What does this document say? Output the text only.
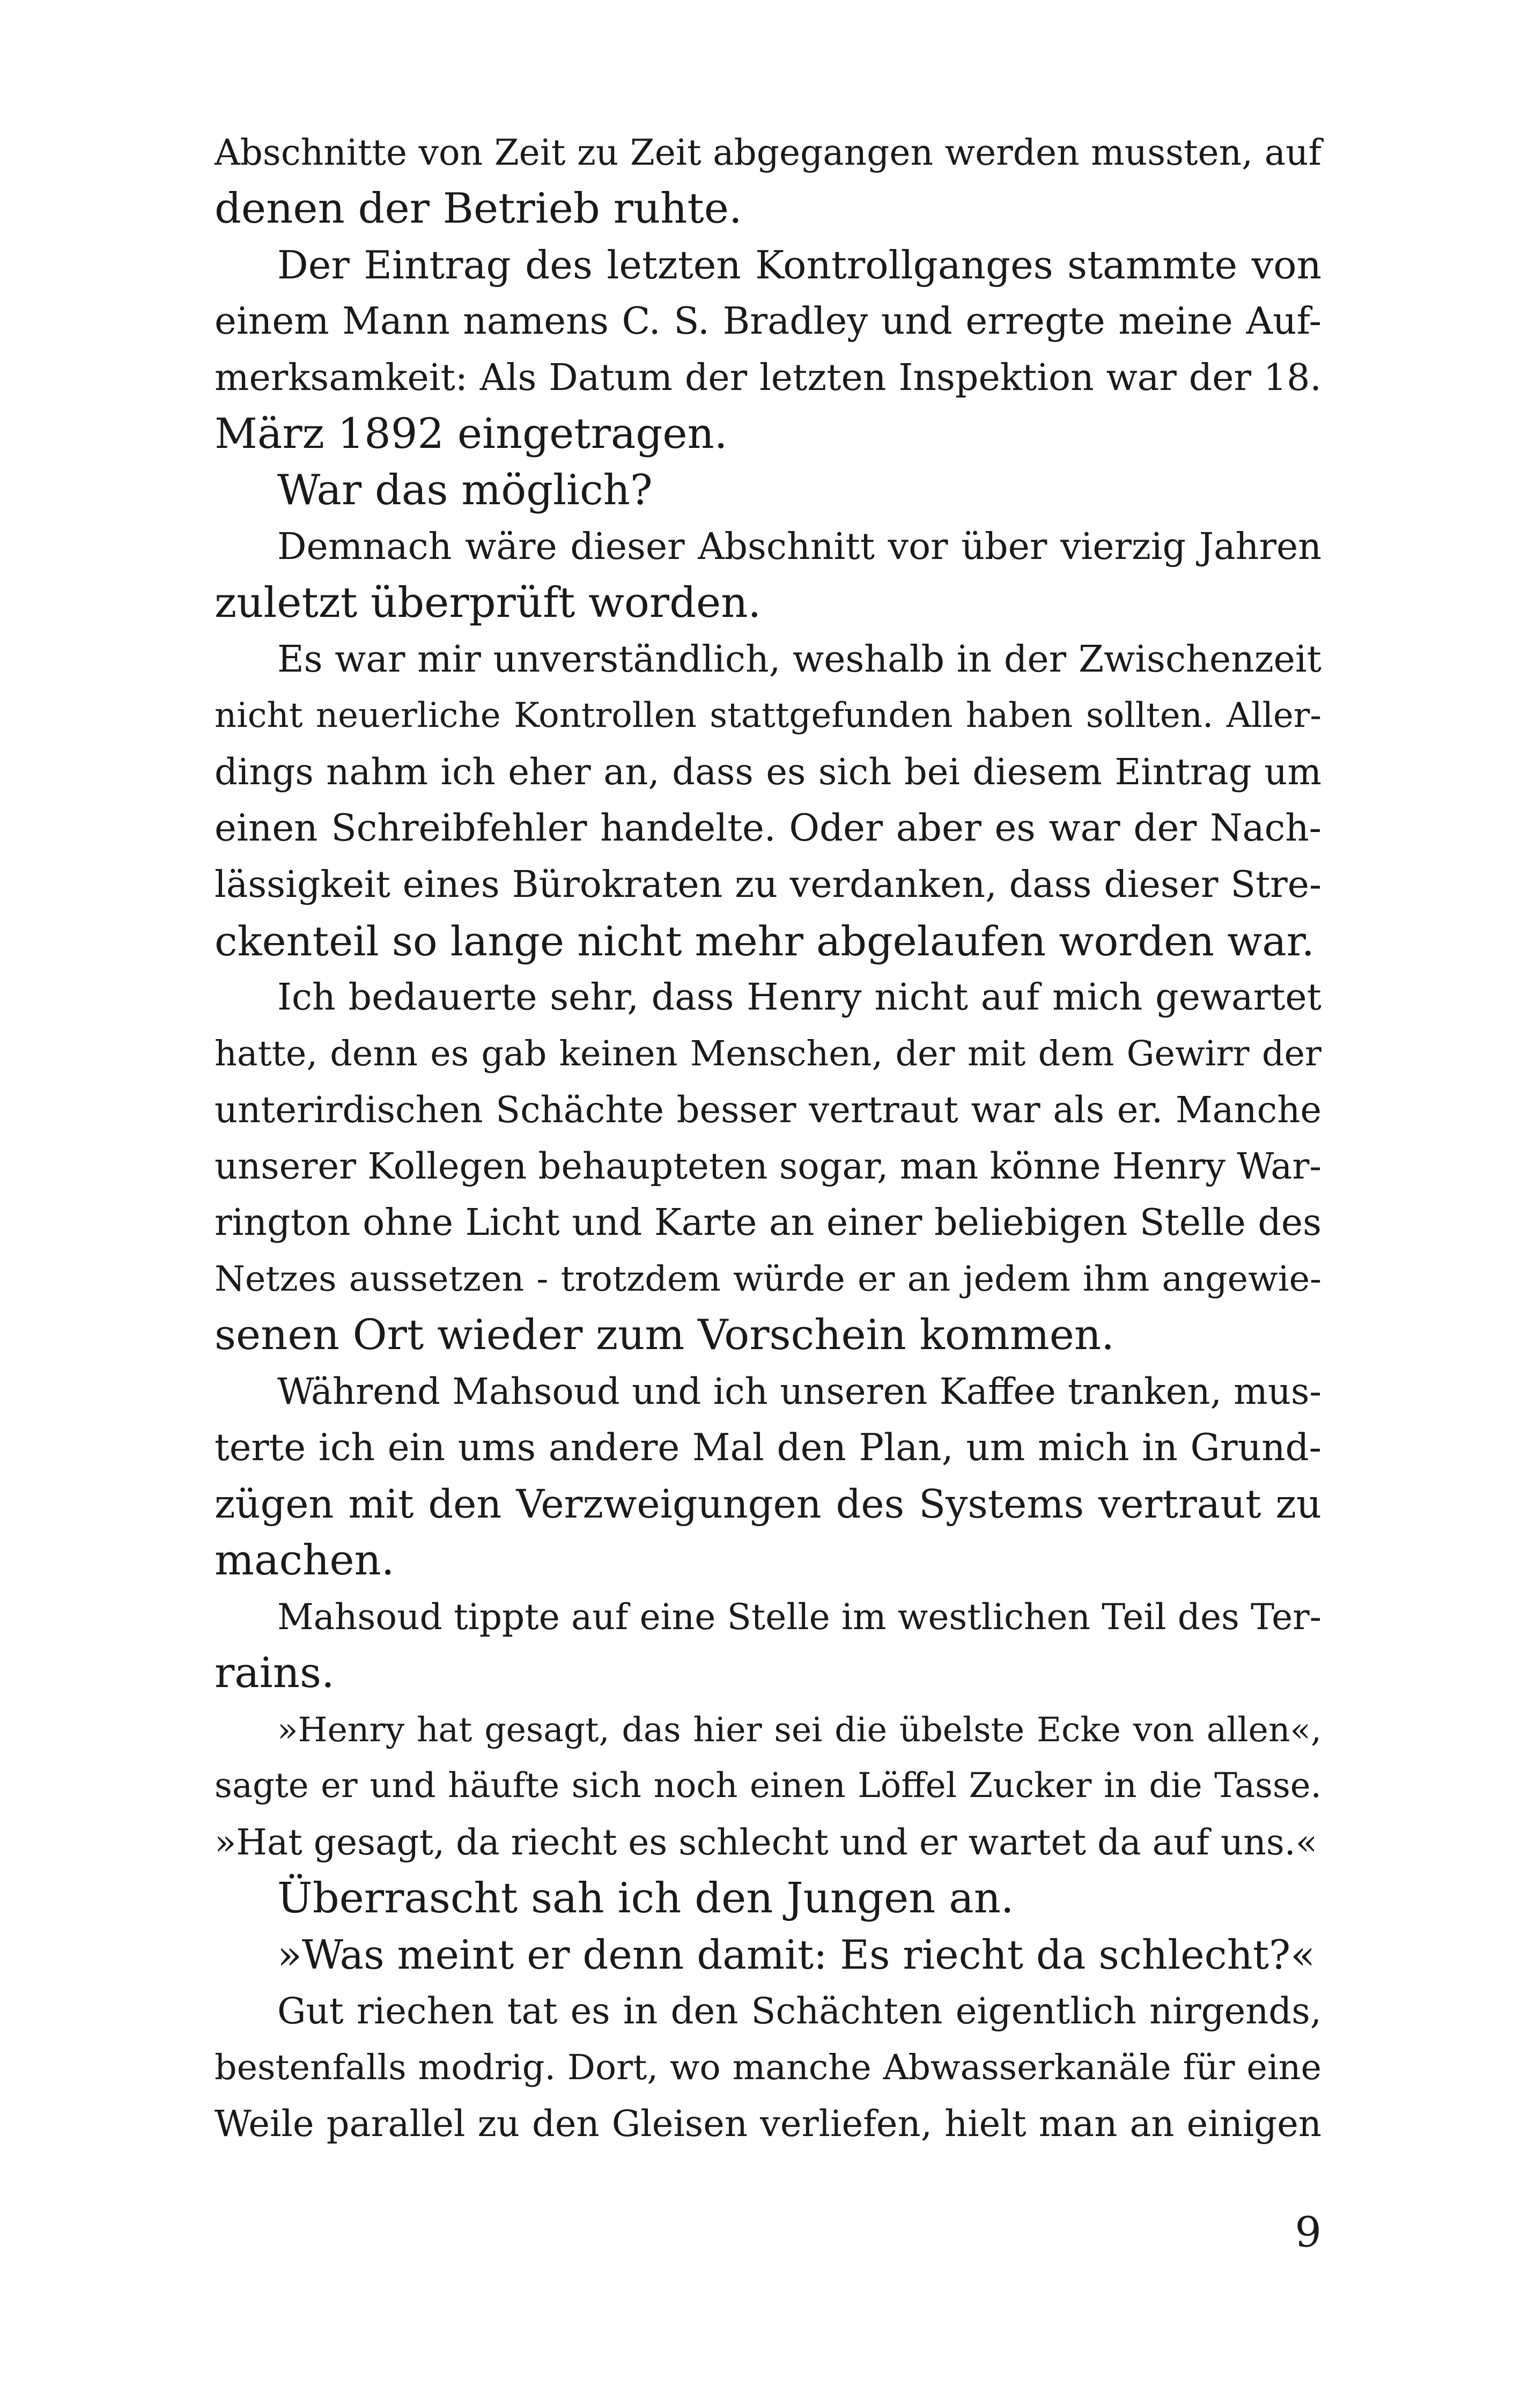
Abschnitte von Zeit zu Zeit abgegangen werden mussten, auf
denen der Betrieb ruhte.
Der Eintrag des letzten Kontrollganges stammte von
einem Mann namens C. S. Bradley und erregte meine Auf-
merksamkeit: Als Datum der letzten Inspektion war der 18.
März 1892 eingetragen.
War das möglich?
Demnach wäre dieser Abschnitt vor über vierzig Jahren
zuletzt überprüft worden.
Es war mir unverständlich, weshalb in der Zwischenzeit
nicht neuerliche Kontrollen stattgefunden haben sollten. Aller-
dings nahm ich eher an, dass es sich bei diesem Eintrag um
einen Schreibfehler handelte. Oder aber es war der Nach-
lässigkeit eines Bürokraten zu verdanken, dass dieser Stre-
ckenteil so lange nicht mehr abgelaufen worden war.
Ich bedauerte sehr, dass Henry nicht auf mich gewartet
hatte, denn es gab keinen Menschen, der mit dem Gewirr der
unterirdischen Schächte besser vertraut war als er. Manche
unserer Kollegen behaupteten sogar, man könne Henry War-
rington ohne Licht und Karte an einer beliebigen Stelle des
Netzes aussetzen - trotzdem würde er an jedem ihm angewie-
senen Ort wieder zum Vorschein kommen.
Während Mahsoud und ich unseren Kaffee tranken, mus-
terte ich ein ums andere Mal den Plan, um mich in Grund-
zügen mit den Verzweigungen des Systems vertraut zu
machen.
Mahsoud tippte auf eine Stelle im westlichen Teil des Ter-
rains.
»Henry hat gesagt, das hier sei die übelste Ecke von allen«,
sagte er und häufte sich noch einen Löffel Zucker in die Tasse.
»Hat gesagt, da riecht es schlecht und er wartet da auf uns.«
Überrascht sah ich den Jungen an.
»Was meint er denn damit: Es riecht da schlecht?«
Gut riechen tat es in den Schächten eigentlich nirgends,
bestenfalls modrig. Dort, wo manche Abwasserkanäle für eine
Weile parallel zu den Gleisen verliefen, hielt man an einigen
9
